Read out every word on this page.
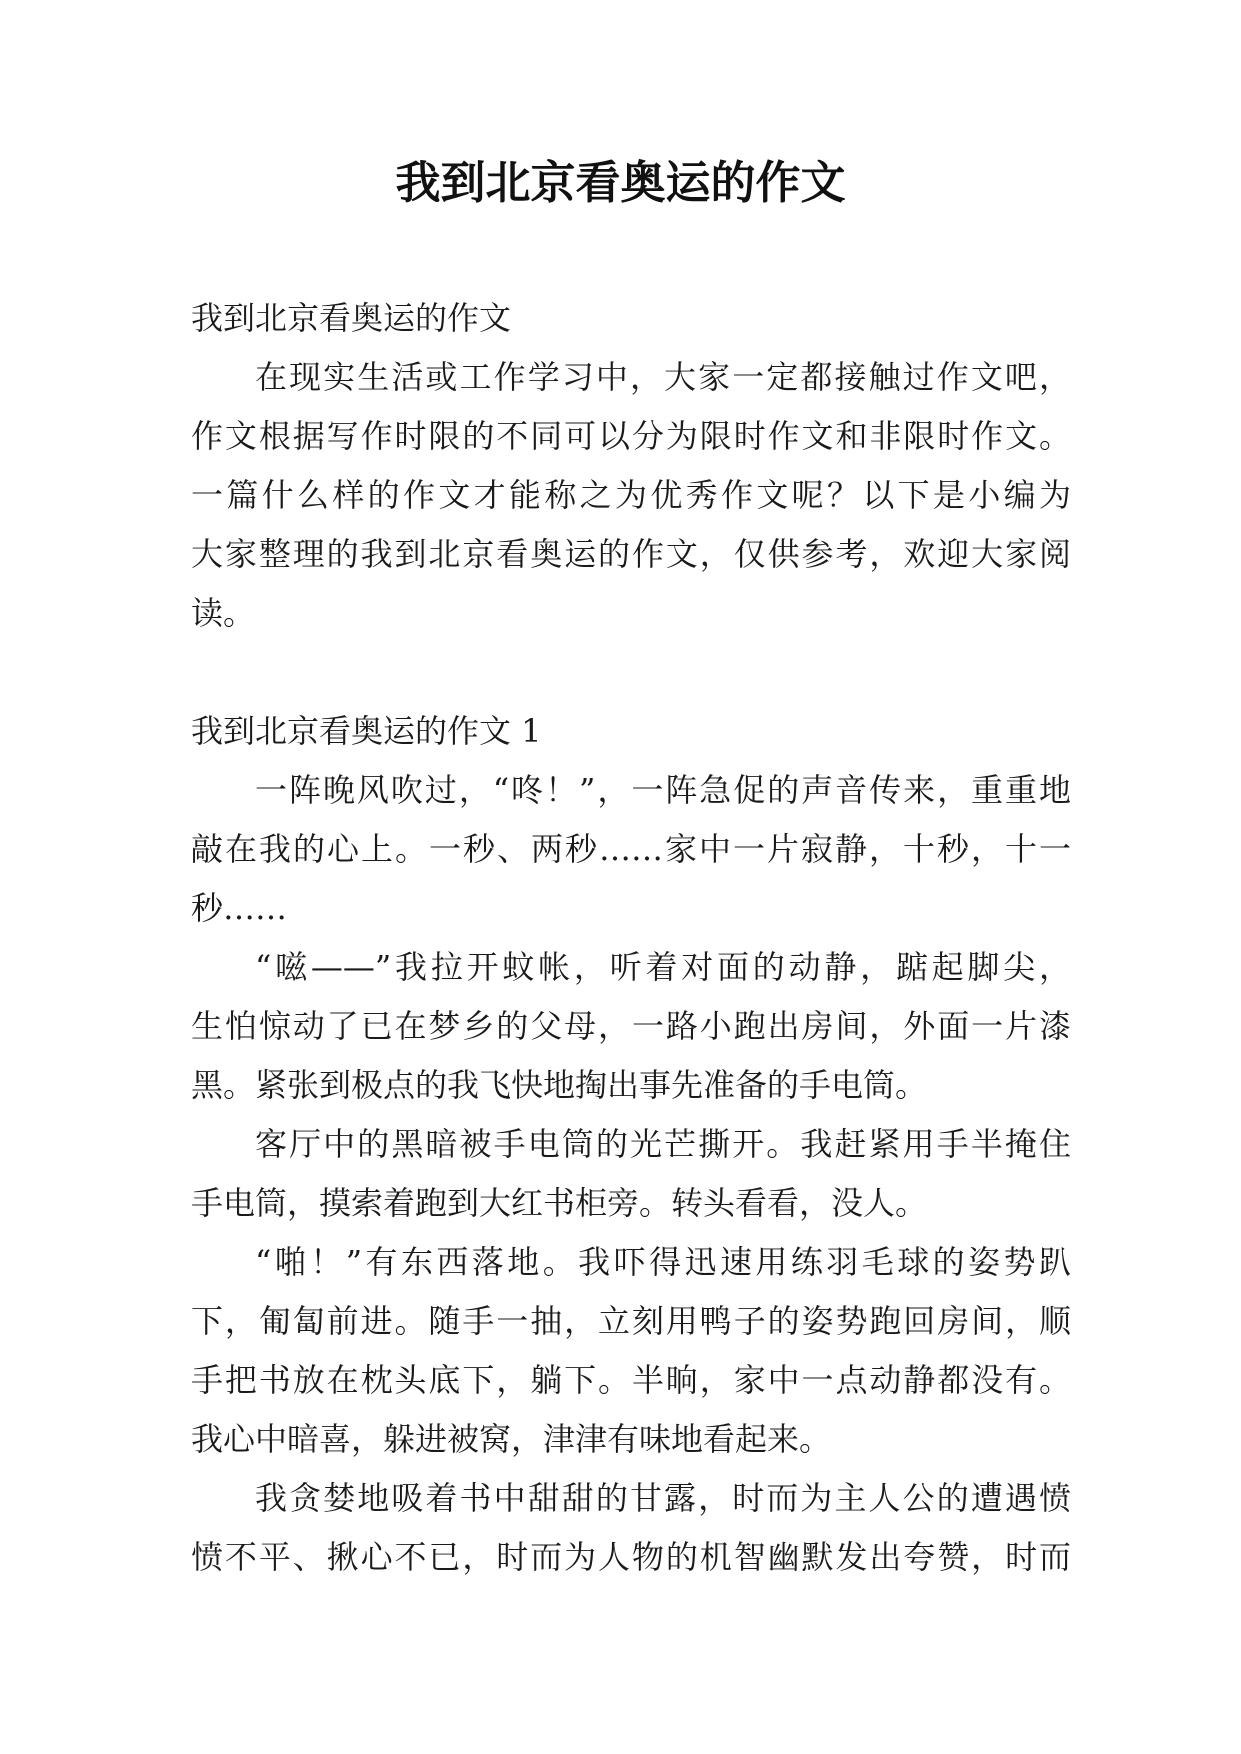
我到北京看奥运的作文
我到北京看奥运的作文
在现实生活或工作学习中，大家一定都接触过作文吧，
作文根据写作时限的不同可以分为限时作文和非限时作文。
一篇什么样的作文才能称之为优秀作文呢？以下是小编为
大家整理的我到北京看奥运的作文，仅供参考，欢迎大家阅
读。
我到北京看奥运的作文 1
一阵晚风吹过，“咚！”，一阵急促的声音传来，重重地
敲在我的心上。一秒、两秒……家中一片寂静，十秒，十一
秒……
“嗞——”我拉开蚊帐，听着对面的动静，踮起脚尖，
生怕惊动了已在梦乡的父母，一路小跑出房间，外面一片漆
黑。紧张到极点的我飞快地掏出事先准备的手电筒。
客厅中的黑暗被手电筒的光芒撕开。我赶紧用手半掩住
手电筒，摸索着跑到大红书柜旁。转头看看，没人。
“啪！”有东西落地。我吓得迅速用练羽毛球的姿势趴
下，匍匐前进。随手一抽，立刻用鸭子的姿势跑回房间，顺
手把书放在枕头底下，躺下。半晌，家中一点动静都没有。
我心中暗喜，躲进被窝，津津有味地看起来。
我贪婪地吸着书中甜甜的甘露，时而为主人公的遭遇愤
愤不平、揪心不已，时而为人物的机智幽默发出夸赞，时而
